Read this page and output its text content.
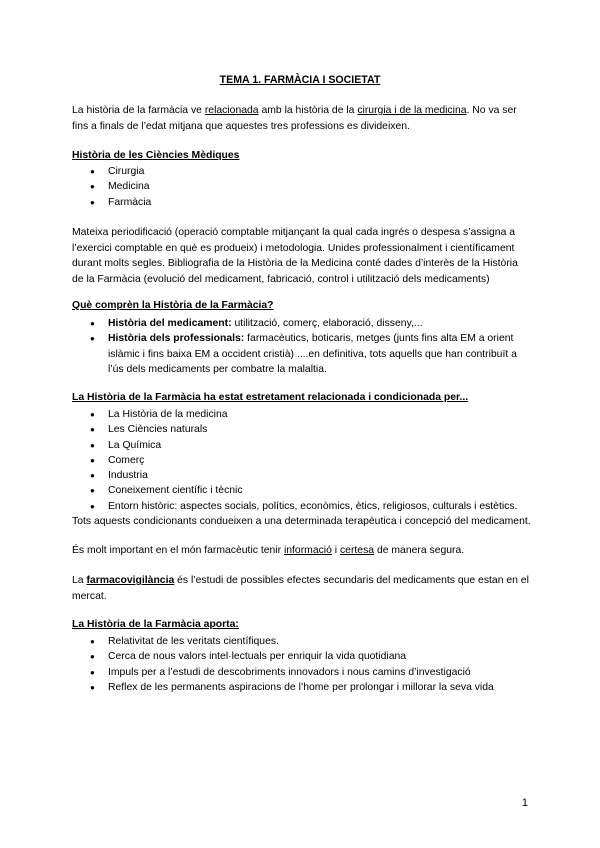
TEMA 1. FARMÀCIA I SOCIETAT
La història de la farmàcia ve relacionada amb la història de la cirurgia i de la medicina. No va ser fins a finals de l’edat mitjana que aquestes tres professions es divideixen.
Història de les Ciències Mèdiques
● Cirurgia
● Medicina
● Farmàcia
Mateixa periodificació (operació comptable mitjançant la qual cada ingrés o despesa s’assigna a l’exercici comptable en què es produeix) i metodologia. Unides professionalment i científicament durant molts segles. Bibliografia de la Història de la Medicina conté dades d’interès de la Història de la Farmàcia (evolució del medicament, fabricació, control i utilització dels medicaments)
Què comprèn la Història de la Farmàcia?
● Història del medicament: utilització, comerç, elaboració, disseny,...
● Història dels professionals: farmacèutics, boticaris, metges (junts fins alta EM a orient islàmic i fins baixa EM a occident cristià) ....en definitiva, tots aquells que han contribuït a l’ús dels medicaments per combatre la malaltia.
La Història de la Farmàcia ha estat estretament relacionada i condicionada per...
● La Història de la medicina
● Les Ciències naturals
● La Química
● Comerç
● Industria
● Coneixement científic i tècnic
● Entorn històric: aspectes socials, polítics, econòmics, ètics, religiosos, culturals i estètics.
Tots aquests condicionants condueixen a una determinada terapèutica i concepció del medicament.
És molt important en el món farmacèutic tenir informació i certesa de manera segura.
La farmacovigilància és l’estudi de possibles efectes secundaris del medicaments que estan en el mercat.
La Història de la Farmàcia aporta:
● Relativitat de les veritats científiques.
● Cerca de nous valors intel·lectuals per enriquir la vida quotidiana
● Impuls per a l’estudi de descobriments innovadors i nous camins d’investigació
● Reflex de les permanents aspiracions de l’home per prolongar i millorar la seva vida
1
